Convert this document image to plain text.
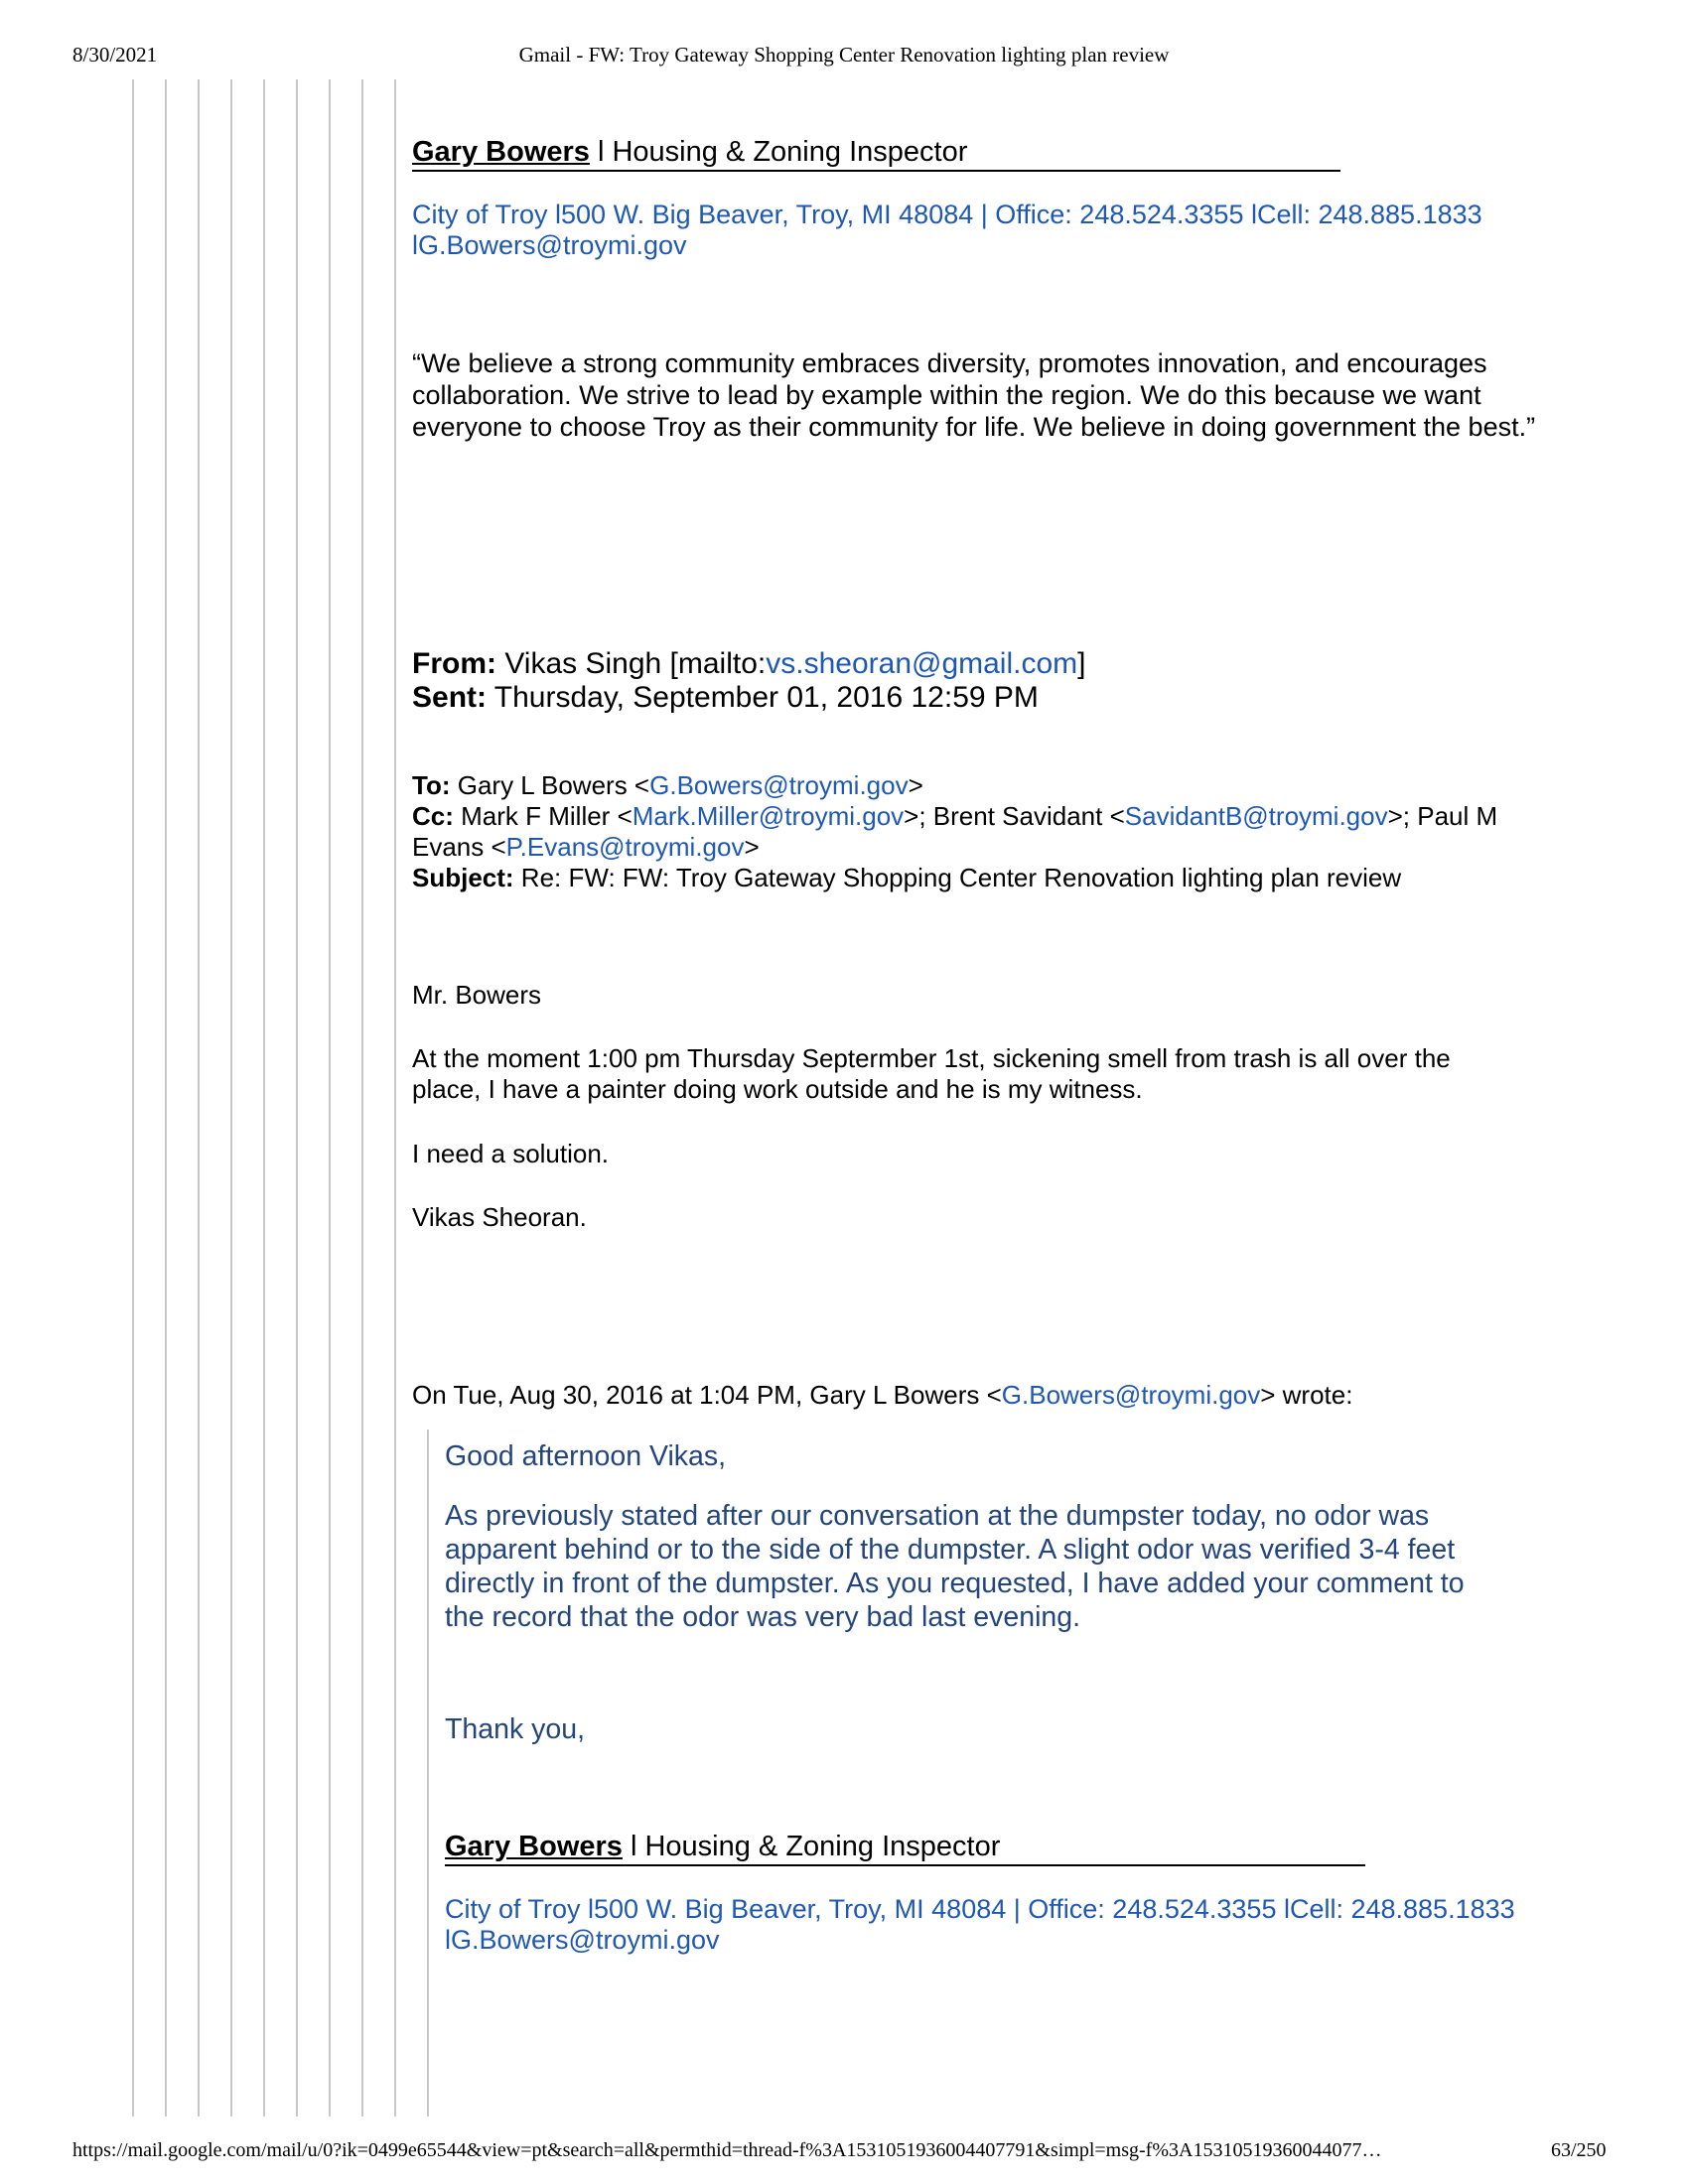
8/30/2021	Gmail - FW: Troy Gateway Shopping Center Renovation lighting plan review
Gary Bowers l Housing & Zoning Inspector
City of Troy l500 W. Big Beaver, Troy, MI 48084 | Office: 248.524.3355 lCell: 248.885.1833
lG.Bowers@troymi.gov
“We believe a strong community embraces diversity, promotes innovation, and encourages
collaboration. We strive to lead by example within the region. We do this because we want
everyone to choose Troy as their community for life. We believe in doing government the best.”
From: Vikas Singh [mailto:vs.sheoran@gmail.com]
Sent: Thursday, September 01, 2016 12:59 PM
To: Gary L Bowers <G.Bowers@troymi.gov>
Cc: Mark F Miller <Mark.Miller@troymi.gov>; Brent Savidant <SavidantB@troymi.gov>; Paul M
Evans <P.Evans@troymi.gov>
Subject: Re: FW: FW: Troy Gateway Shopping Center Renovation lighting plan review
Mr. Bowers
At the moment 1:00 pm Thursday Septermber 1st, sickening smell from trash is all over the
place, I have a painter doing work outside and he is my witness.
I need a solution.
Vikas Sheoran.
On Tue, Aug 30, 2016 at 1:04 PM, Gary L Bowers <G.Bowers@troymi.gov> wrote:
Good afternoon Vikas,
As previously stated after our conversation at the dumpster today, no odor was
apparent behind or to the side of the dumpster. A slight odor was verified 3-4 feet
directly in front of the dumpster. As you requested, I have added your comment to
the record that the odor was very bad last evening.
Thank you,
Gary Bowers l Housing & Zoning Inspector
City of Troy l500 W. Big Beaver, Troy, MI 48084 | Office: 248.524.3355 lCell: 248.885.1833
lG.Bowers@troymi.gov
https://mail.google.com/mail/u/0?ik=0499e65544&view=pt&search=all&permthid=thread-f%3A1531051936004407791&simpl=msg-f%3A15310519360044077…	63/250
